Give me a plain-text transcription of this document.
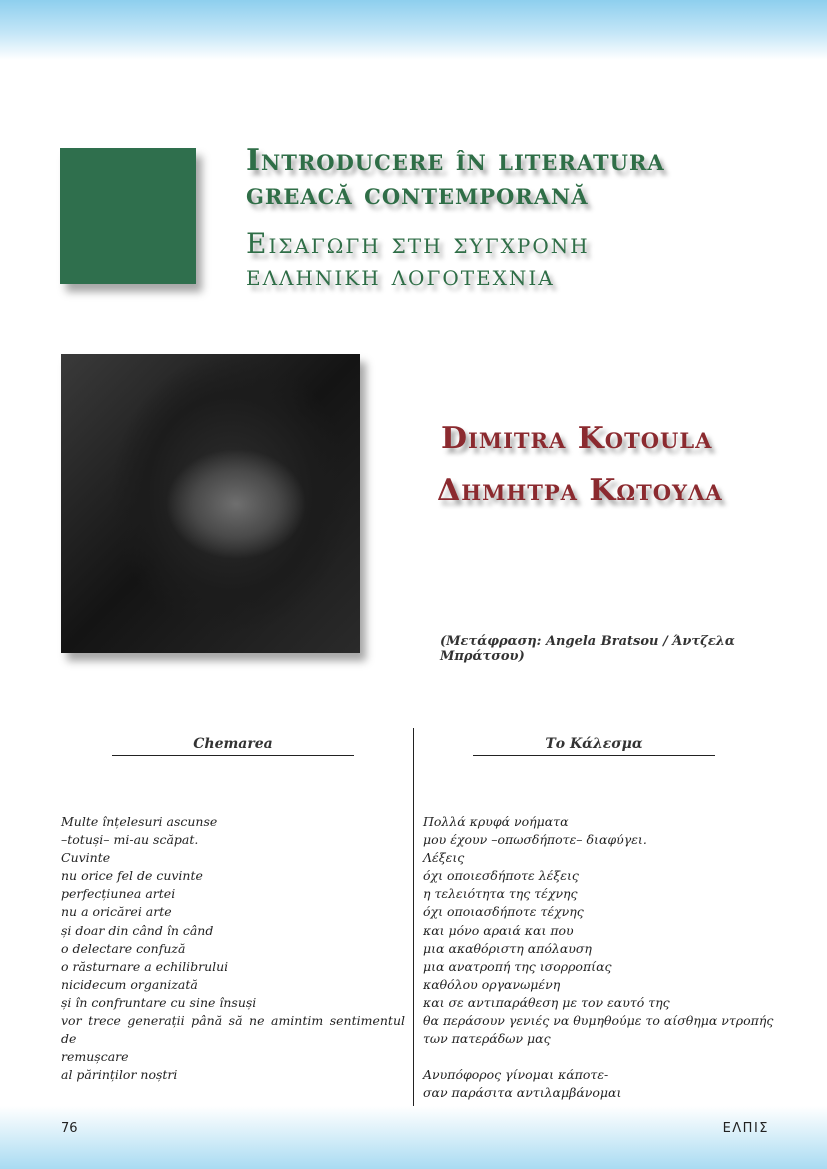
Introducere în literatura
greacă contemporană
Εισαγωγη στη συγχρονη
ελληνικη λογοτεχνια
Dimitra Kotoula
Δημητρα Κωτουλα
(Μετάφραση: Angela Bratsou / Άντζελα Μπράτσου)
Chemarea	Το Κάλεσμα
Multe înțelesuri ascunse
–totuși– mi-au scăpat.
Cuvinte
nu orice fel de cuvinte
perfecțiunea artei
nu a oricărei arte
și doar din când în când
o delectare confuză
o răsturnare a echilibrului
nicidecum organizată
și în confruntare cu sine însuși
vor trece generații până să ne amintim sentimentul de
remușcare
al părinților noștri
Πολλά κρυφά νοήματα
μου έχουν –οπωσδήποτε– διαφύγει.
Λέξεις
όχι οποιεσδήποτε λέξεις
η τελειότητα της τέχνης
όχι οποιασδήποτε τέχνης
και μόνο αραιά και που
μια ακαθόριστη απόλαυση
μια ανατροπή της ισορροπίας
καθόλου οργανωμένη
και σε αντιπαράθεση με τον εαυτό της
θα περάσουν γενιές να θυμηθούμε το αίσθημα ντροπής
των πατεράδων μας
Ανυπόφορος γίνομαι κάποτε-
σαν παράσιτα αντιλαμβάνομαι
76	ΕΛΠΙΣ
